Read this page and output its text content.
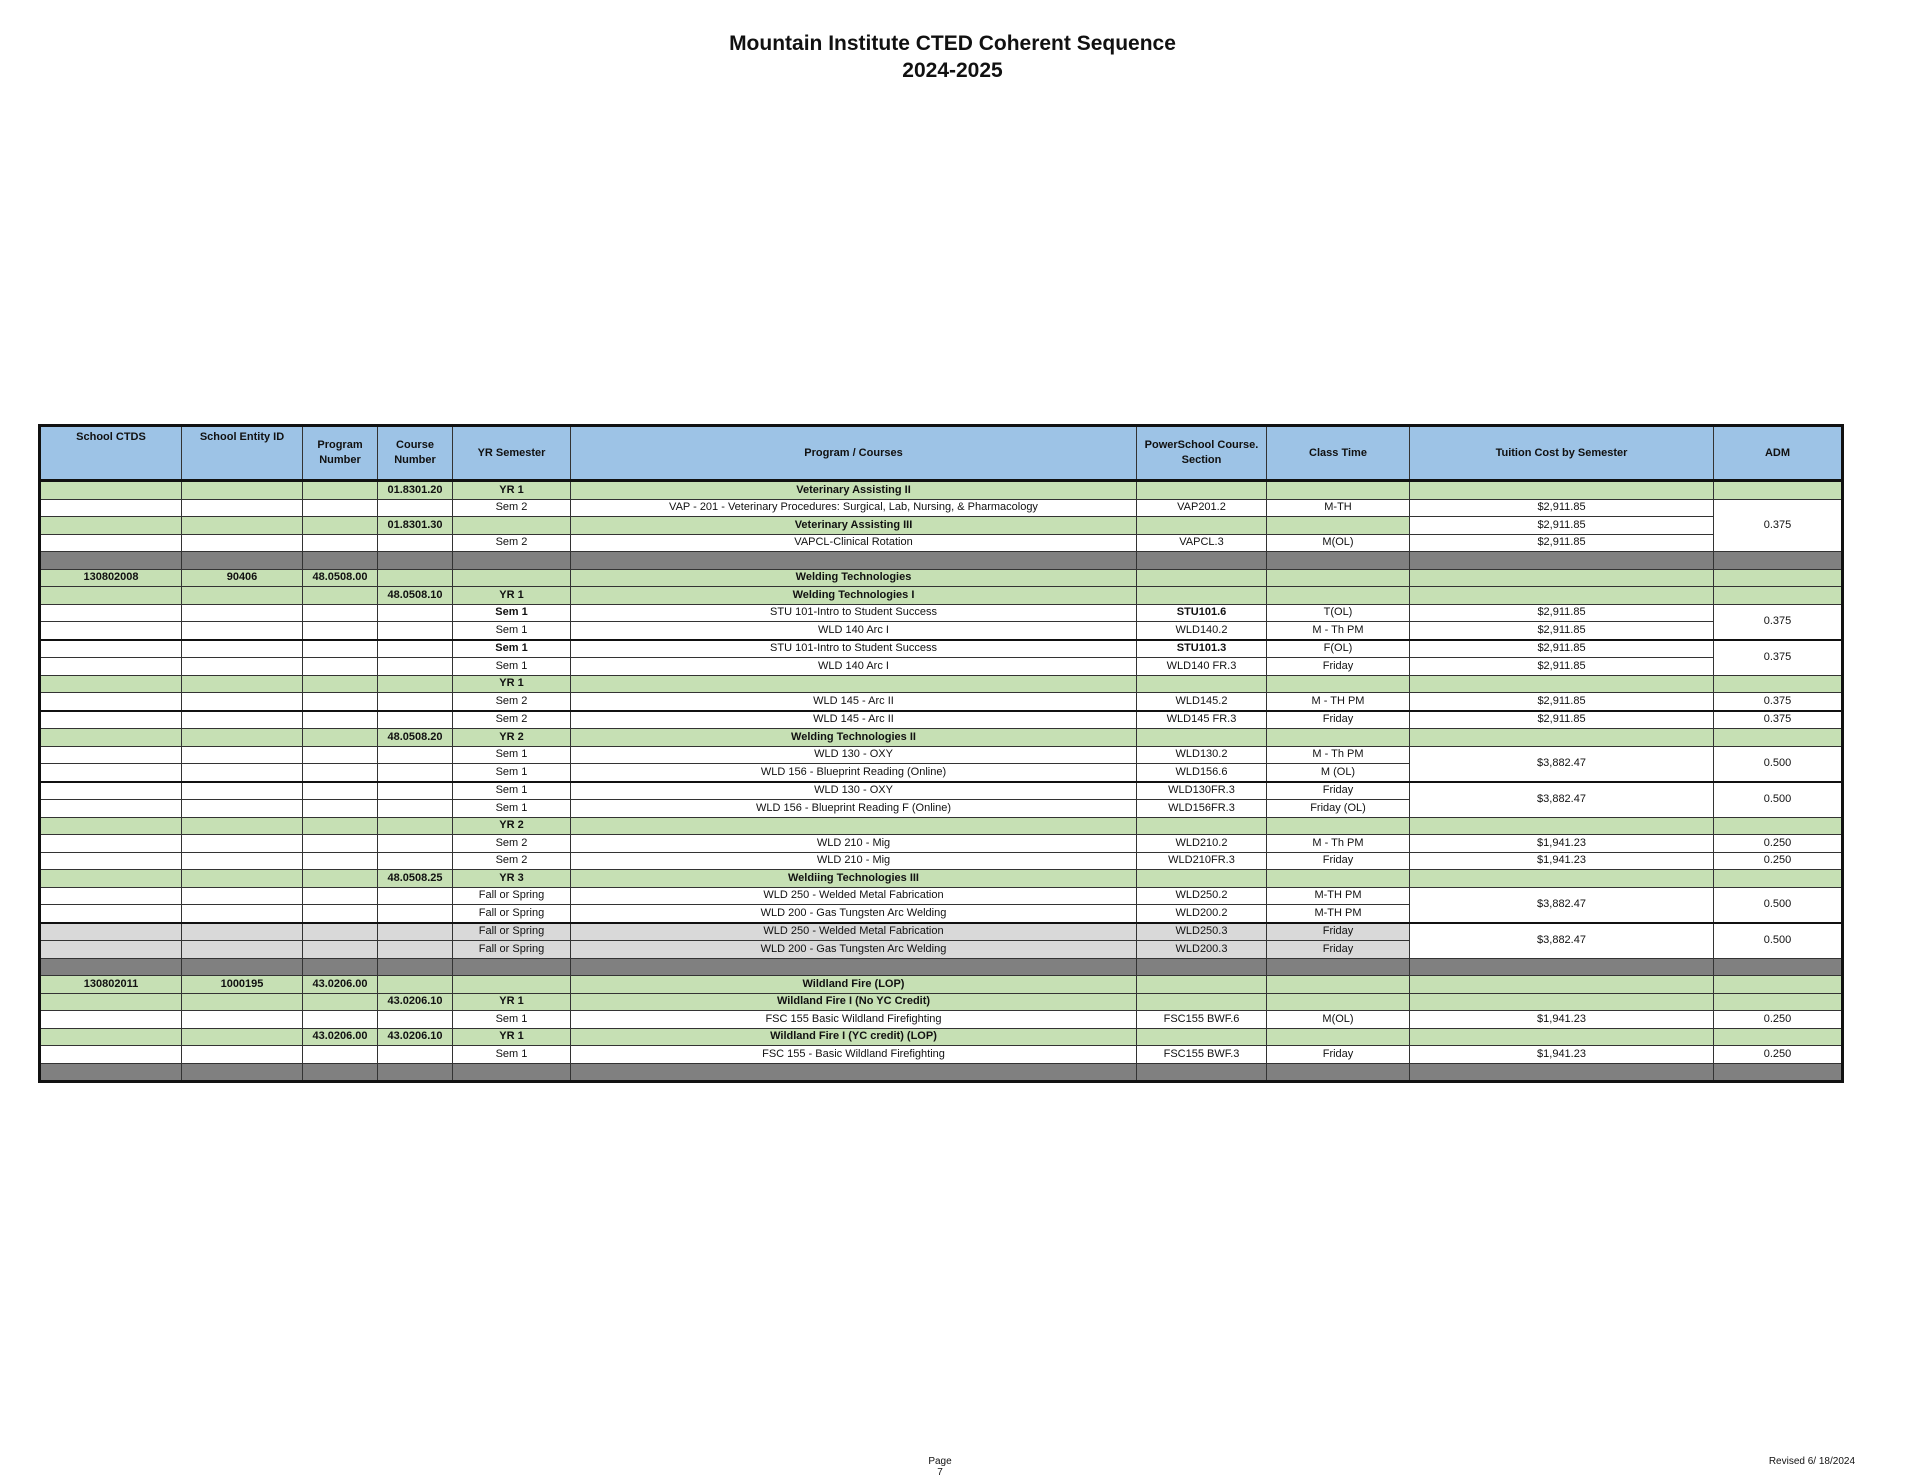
Mountain Institute CTED Coherent Sequence
2024-2025
School CTDS	School Entity ID	Program Number	Course Number	YR Semester	Program / Courses	PowerSchool Course. Section	Class Time	Tuition Cost by Semester	ADM
			01.8301.20	YR 1	Veterinary Assisting II				
				Sem 2	VAP - 201 - Veterinary Procedures: Surgical, Lab, Nursing, & Pharmacology	VAP201.2	M-TH	$2,911.85	0.375
			01.8301.30		Veterinary Assisting III			$2,911.85	
				Sem 2	VAPCL-Clinical Rotation	VAPCL.3	M(OL)	$2,911.85	

130802008	90406	48.0508.00			Welding Technologies				
			48.0508.10	YR 1	Welding Technologies I				
				Sem 1	STU 101-Intro to Student Success	STU101.6	T(OL)	$2,911.85	0.375
				Sem 1	WLD 140 Arc I	WLD140.2	M - Th PM	$2,911.85	
				Sem 1	STU 101-Intro to Student Success	STU101.3	F(OL)	$2,911.85	0.375
				Sem 1	WLD 140 Arc I	WLD140 FR.3	Friday	$2,911.85	
				YR 1					
				Sem 2	WLD 145 - Arc II	WLD145.2	M - TH PM	$2,911.85	0.375
				Sem 2	WLD 145 - Arc II	WLD145 FR.3	Friday	$2,911.85	0.375
			48.0508.20	YR 2	Welding Technologies II				
				Sem 1	WLD 130 - OXY	WLD130.2	M - Th PM	$3,882.47	0.500
				Sem 1	WLD 156 - Blueprint Reading (Online)	WLD156.6	M (OL)		
				Sem 1	WLD 130 - OXY	WLD130FR.3	Friday	$3,882.47	0.500
				Sem 1	WLD 156 - Blueprint Reading F (Online)	WLD156FR.3	Friday (OL)		
				YR 2					
				Sem 2	WLD 210 - Mig	WLD210.2	M - Th PM	$1,941.23	0.250
				Sem 2	WLD 210 - Mig	WLD210FR.3	Friday	$1,941.23	0.250
			48.0508.25	YR 3	Weldiing Technologies III				
				Fall or Spring	WLD 250 - Welded Metal Fabrication	WLD250.2	M-TH PM	$3,882.47	0.500
				Fall or Spring	WLD 200 - Gas Tungsten Arc Welding	WLD200.2	M-TH PM		
				Fall or Spring	WLD 250 - Welded Metal Fabrication	WLD250.3	Friday	$3,882.47	0.500
				Fall or Spring	WLD 200 - Gas Tungsten Arc Welding	WLD200.3	Friday		

130802011	1000195	43.0206.00			Wildland Fire (LOP)				
			43.0206.10	YR 1	Wildland Fire I (No YC Credit)				
				Sem 1	FSC 155 Basic Wildland Firefighting	FSC155 BWF.6	M(OL)	$1,941.23	0.250
		43.0206.00	43.0206.10	YR 1	Wildland Fire I (YC credit) (LOP)				
				Sem 1	FSC 155 - Basic Wildland Firefighting	FSC155 BWF.3	Friday	$1,941.23	0.250

Page 7
Revised 6/ 18/2024
